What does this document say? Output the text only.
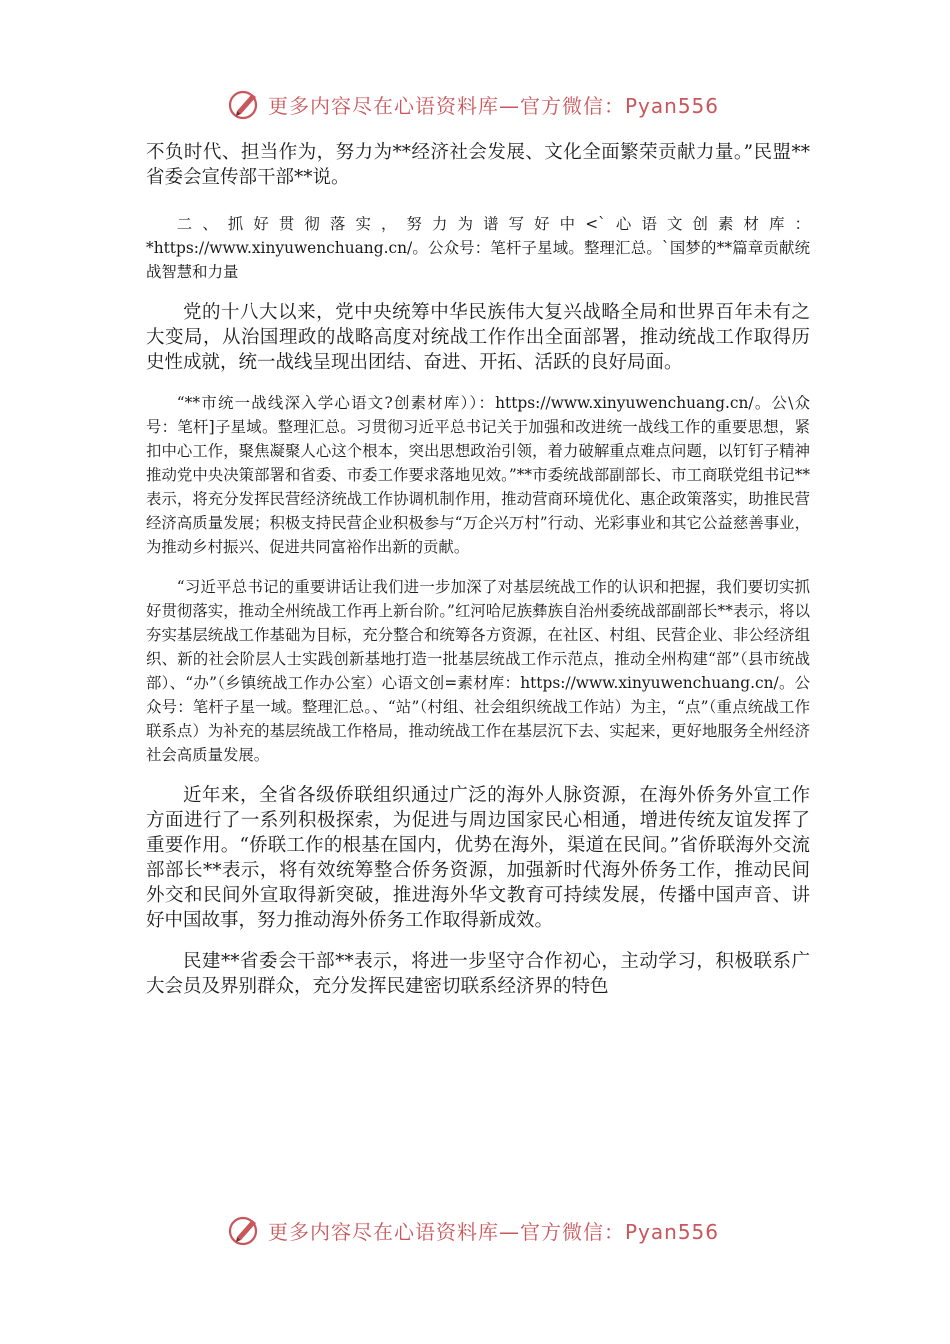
更多内容尽在心语资料库—官方微信：Pyan556

不负时代、担当作为，努力为**经济社会发展、文化全面繁荣贡献力量。”民盟**省委会宣传部干部**说。

二、抓好贯彻落实，努力为谱写好中<`心语文创素材库：*https://www.xinyuwenchuang.cn/。公众号：笔杆子星域。整理汇总。`国梦的**篇章贡献统战智慧和力量

党的十八大以来，党中央统筹中华民族伟大复兴战略全局和世界百年未有之大变局，从治国理政的战略高度对统战工作作出全面部署，推动统战工作取得历史性成就，统一战线呈现出团结、奋进、开拓、活跃的良好局面。

“**市统一战线深入学心语文?创素材库））：https://www.xinyuwenchuang.cn/。公\众号：笔杆]子星域。整理汇总。习贯彻习近平总书记关于加强和改进统一战线工作的重要思想，紧扣中心工作，聚焦凝聚人心这个根本，突出思想政治引领，着力破解重点难点问题，以钉钉子精神推动党中央决策部署和省委、市委工作要求落地见效。”**市委统战部副部长、市工商联党组书记**表示，将充分发挥民营经济统战工作协调机制作用，推动营商环境优化、惠企政策落实，助推民营经济高质量发展；积极支持民营企业积极参与“万企兴万村”行动、光彩事业和其它公益慈善事业，为推动乡村振兴、促进共同富裕作出新的贡献。

“习近平总书记的重要讲话让我们进一步加深了对基层统战工作的认识和把握，我们要切实抓好贯彻落实，推动全州统战工作再上新台阶。”红河哈尼族彝族自治州委统战部副部长**表示，将以夯实基层统战工作基础为目标，充分整合和统筹各方资源，在社区、村组、民营企业、非公经济组织、新的社会阶层人士实践创新基地打造一批基层统战工作示范点，推动全州构建“部”（县市统战部）、“办”（乡镇统战工作办公室）心语文创=素材库：https://www.xinyuwenchuang.cn/。公众号：笔杆子星一域。整理汇总。、“站”（村组、社会组织统战工作站）为主，“点”（重点统战工作联系点）为补充的基层统战工作格局，推动统战工作在基层沉下去、实起来，更好地服务全州经济社会高质量发展。

近年来，全省各级侨联组织通过广泛的海外人脉资源，在海外侨务外宣工作方面进行了一系列积极探索，为促进与周边国家民心相通，增进传统友谊发挥了重要作用。“侨联工作的根基在国内，优势在海外，渠道在民间。”省侨联海外交流部部长**表示，将有效统筹整合侨务资源，加强新时代海外侨务工作，推动民间外交和民间外宣取得新突破，推进海外华文教育可持续发展，传播中国声音、讲好中国故事，努力推动海外侨务工作取得新成效。

民建**省委会干部**表示，将进一步坚守合作初心，主动学习，积极联系广大会员及界别群众，充分发挥民建密切联系经济界的特色

更多内容尽在心语资料库—官方微信：Pyan556
